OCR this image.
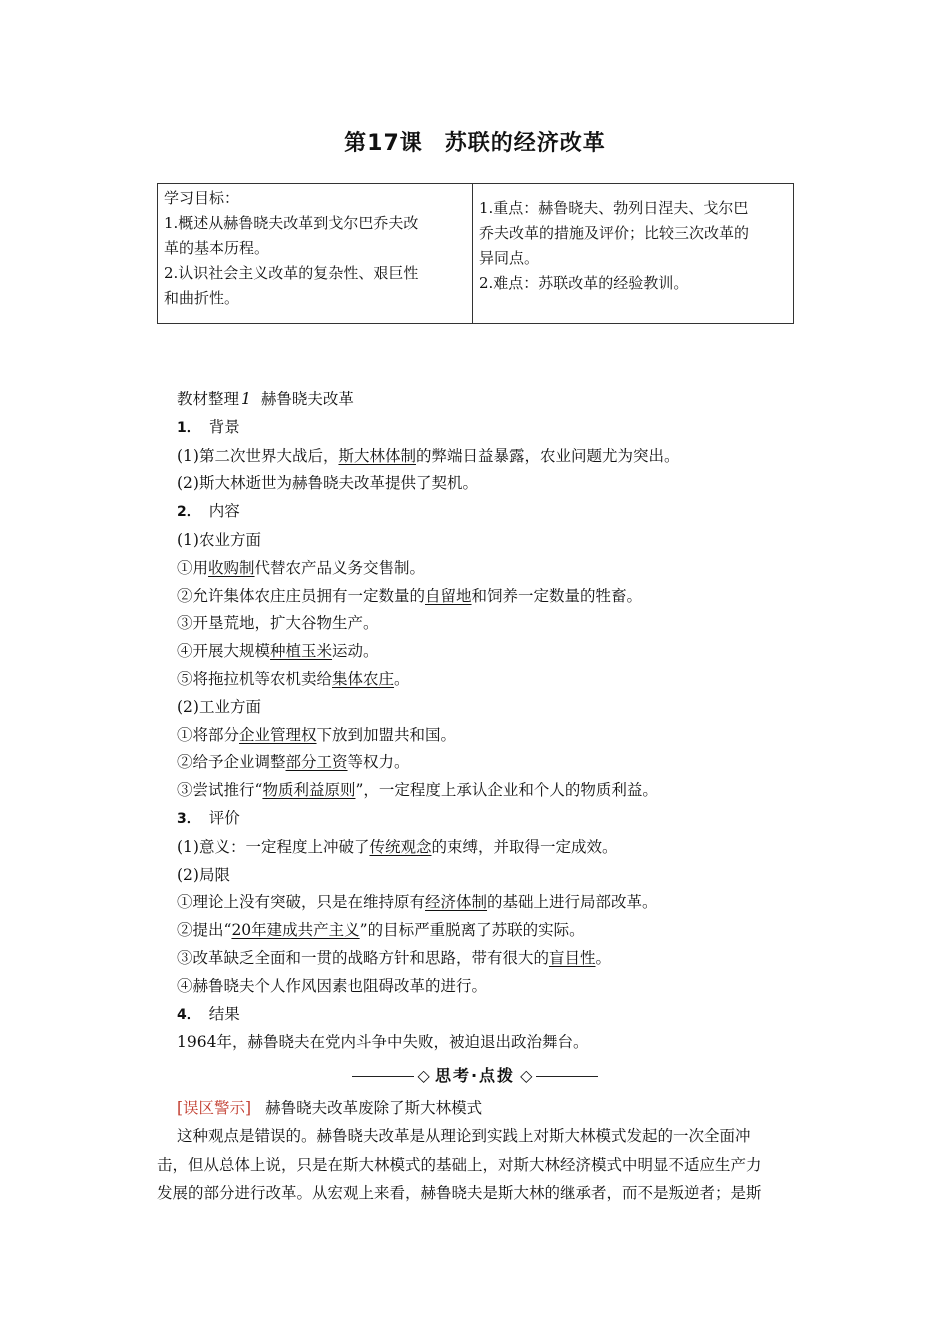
第17课 苏联的经济改革
学习目标：
1.概述从赫鲁晓夫改革到戈尔巴乔夫改
革的基本历程。
2.认识社会主义改革的复杂性、艰巨性
和曲折性。

1.重点：赫鲁晓夫、勃列日涅夫、戈尔巴
乔夫改革的措施及评价；比较三次改革的
异同点。
2.难点：苏联改革的经验教训。
教材整理 1 赫鲁晓夫改革
1． 背景
(1)第二次世界大战后，斯大林体制的弊端日益暴露，农业问题尤为突出。
(2)斯大林逝世为赫鲁晓夫改革提供了契机。
2． 内容
(1)农业方面
①用收购制代替农产品义务交售制。
②允许集体农庄庄员拥有一定数量的自留地和饲养一定数量的牲畜。
③开垦荒地，扩大谷物生产。
④开展大规模种植玉米运动。
⑤将拖拉机等农机卖给集体农庄。
(2)工业方面
①将部分企业管理权下放到加盟共和国。
②给予企业调整部分工资等权力。
③尝试推行“物质利益原则”，一定程度上承认企业和个人的物质利益。
3． 评价
(1)意义：一定程度上冲破了传统观念的束缚，并取得一定成效。
(2)局限
①理论上没有突破，只是在维持原有经济体制的基础上进行局部改革。
②提出“20年建成共产主义”的目标严重脱离了苏联的实际。
③改革缺乏全面和一贯的战略方针和思路，带有很大的盲目性。
④赫鲁晓夫个人作风因素也阻碍改革的进行。
4． 结果
1964年，赫鲁晓夫在党内斗争中失败，被迫退出政治舞台。
◇ 思考·点拨 ◇
[误区警示] 赫鲁晓夫改革废除了斯大林模式
这种观点是错误的。赫鲁晓夫改革是从理论到实践上对斯大林模式发起的一次全面冲
击，但从总体上说，只是在斯大林模式的基础上，对斯大林经济模式中明显不适应生产力
发展的部分进行改革。从宏观上来看，赫鲁晓夫是斯大林的继承者，而不是叛逆者；是斯
